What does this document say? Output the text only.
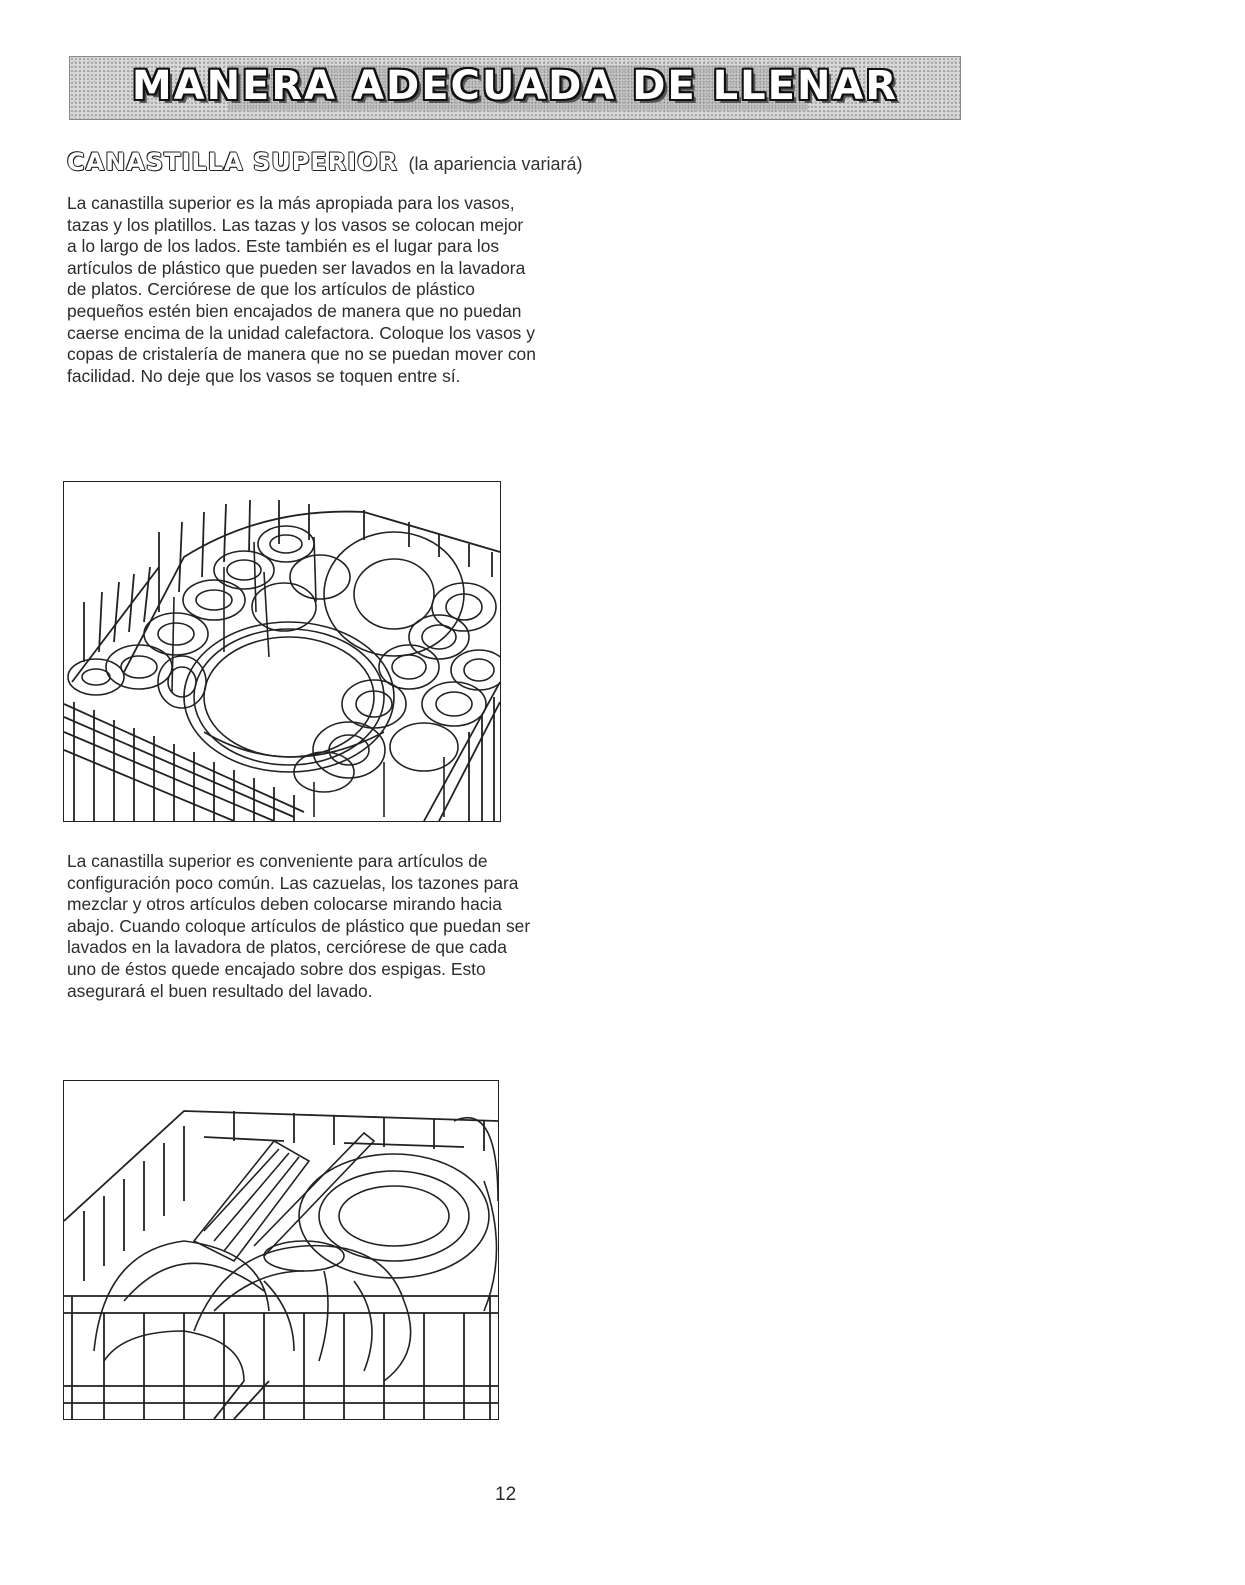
MANERA ADECUADA DE LLENAR
CANASTILLA SUPERIOR (la apariencia variará)

La canastilla superior es la más apropiada para los vasos, tazas y los platillos. Las tazas y los vasos se colocan mejor a lo largo de los lados. Este también es el lugar para los artículos de plástico que pueden ser lavados en la lavadora de platos. Cerciórese de que los artículos de plástico pequeños estén bien encajados de manera que no puedan caerse encima de la unidad calefactora. Coloque los vasos y copas de cristalería de manera que no se puedan mover con facilidad. No deje que los vasos se toquen entre sí.

La canastilla superior es conveniente para artículos de configuración poco común. Las cazuelas, los tazones para mezclar y otros artículos deben colocarse mirando hacia abajo. Cuando coloque artículos de plástico que puedan ser lavados en la lavadora de platos, cerciórese de que cada uno de éstos quede encajado sobre dos espigas. Esto asegurará el buen resultado del lavado.

12
